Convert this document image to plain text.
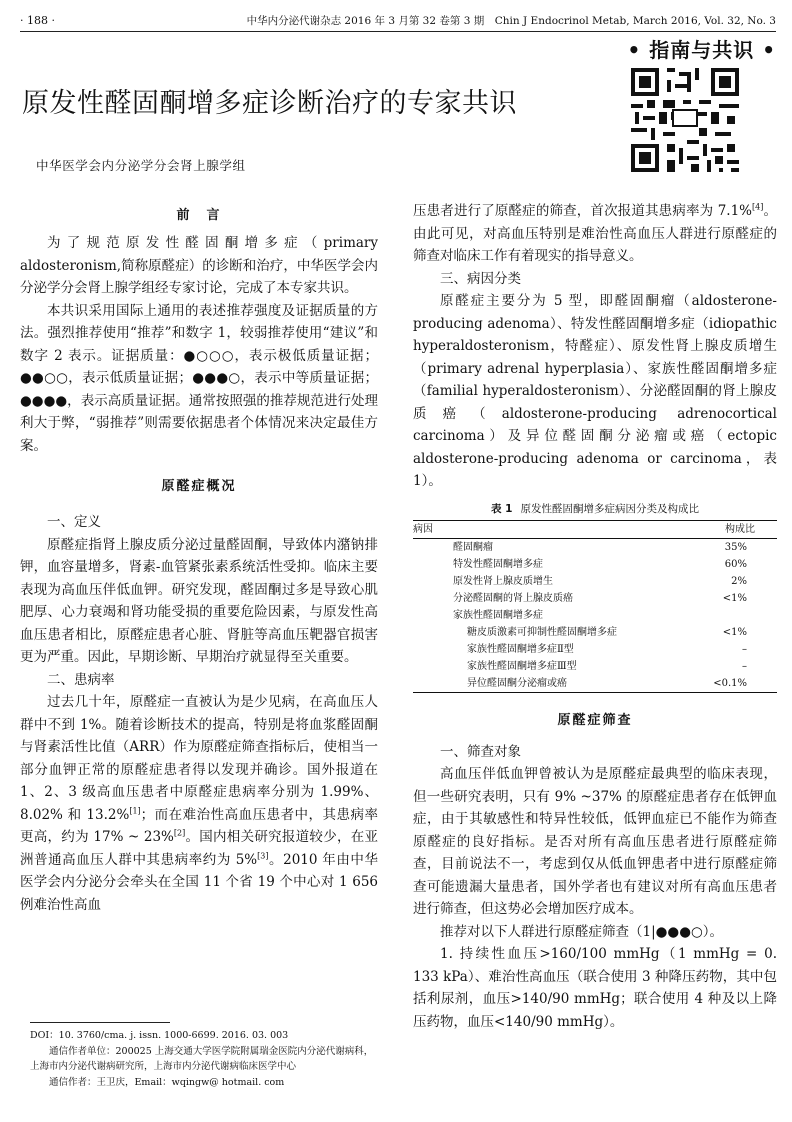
· 188 ·	中华内分泌代谢杂志 2016 年 3 月第 32 卷第 3 期　Chin J Endocrinol Metab, March 2016, Vol. 32, No. 3
• 指南与共识 •
原发性醛固酮增多症诊断治疗的专家共识
中华医学会内分泌学分会肾上腺学组
前　言

为了规范原发性醛固酮增多症（primary aldosteronism,简称原醛症）的诊断和治疗，中华医学会内分泌学分会肾上腺学组经专家讨论，完成了本专家共识。

本共识采用国际上通用的表述推荐强度及证据质量的方法。强烈推荐使用“推荐”和数字 1，较弱推荐使用“建议”和数字 2 表示。证据质量：●○○○，表示极低质量证据；●●○○，表示低质量证据；●●●○，表示中等质量证据；●●●●，表示高质量证据。通常按照强的推荐规范进行处理利大于弊，“弱推荐”则需要依据患者个体情况来决定最佳方案。

原醛症概况
一、定义

原醛症指肾上腺皮质分泌过量醛固酮，导致体内潴钠排钾，血容量增多，肾素-血管紧张素系统活性受抑。临床主要表现为高血压伴低血钾。研究发现，醛固酮过多是导致心肌肥厚、心力衰竭和肾功能受损的重要危险因素，与原发性高血压患者相比，原醛症患者心脏、肾脏等高血压靶器官损害更为严重。因此，早期诊断、早期治疗就显得至关重要。

二、患病率

过去几十年，原醛症一直被认为是少见病，在高血压人群中不到 1%。随着诊断技术的提高，特别是将血浆醛固酮与肾素活性比值（ARR）作为原醛症筛查指标后，使相当一部分血钾正常的原醛症患者得以发现并确诊。国外报道在 1、2、3 级高血压患者中原醛症患病率分别为 1.99%、8.02% 和 13.2%[1]；而在难治性高血压患者中，其患病率更高，约为 17% ~ 23%[2]。国内相关研究报道较少，在亚洲普通高血压人群中其患病率约为 5%[3]。2010 年由中华医学会内分泌分会牵头在全国 11 个省 19 个中心对 1 656 例难治性高血

压患者进行了原醛症的筛查，首次报道其患病率为 7.1%[4]。由此可见，对高血压特别是难治性高血压人群进行原醛症的筛查对临床工作有着现实的指导意义。

三、病因分类

原醛症主要分为 5 型，即醛固酮瘤（aldosterone-producing adenoma）、特发性醛固酮增多症（idiopathic hyperaldosteronism，特醛症）、原发性肾上腺皮质增生（primary adrenal hyperplasia）、家族性醛固酮增多症（familial hyperaldosteronism）、分泌醛固酮的肾上腺皮质癌（aldosterone-producing adrenocortical carcinoma）及异位醛固酮分泌瘤或癌（ectopic aldosterone-producing adenoma or carcinoma，表 1）。

表 1 原发性醛固酮增多症病因分类及构成比
病因	构成比
醛固酮瘤	35%
特发性醛固酮增多症	60%
原发性肾上腺皮质增生	2%
分泌醛固酮的肾上腺皮质癌	<1%
家族性醛固酮增多症	
糖皮质激素可抑制性醛固酮增多症	<1%
家族性醛固酮增多症Ⅱ型	–
家族性醛固酮增多症Ⅲ型	–
异位醛固酮分泌瘤或癌	<0.1%
原醛症筛查
一、筛查对象

高血压伴低血钾曾被认为是原醛症最典型的临床表现，但一些研究表明，只有 9% ~37% 的原醛症患者存在低钾血症，由于其敏感性和特异性较低，低钾血症已不能作为筛查原醛症的良好指标。是否对所有高血压患者进行原醛症筛查，目前说法不一，考虑到仅从低血钾患者中进行原醛症筛查可能遗漏大量患者，国外学者也有建议对所有高血压患者进行筛查，但这势必会增加医疗成本。

推荐对以下人群进行原醛症筛查（1|●●●○）。

1. 持续性血压>160/100 mmHg（1 mmHg = 0. 133 kPa）、难治性高血压（联合使用 3 种降压药物，其中包括利尿剂，血压>140/90 mmHg；联合使用 4 种及以上降压药物，血压<140/90 mmHg）。

DOI：10. 3760/cma. j. issn. 1000-6699. 2016. 03. 003
通信作者单位：200025 上海交通大学医学院附属瑞金医院内分泌代谢病科，上海市内分泌代谢病研究所，上海市内分泌代谢病临床医学中心
通信作者：王卫庆，Email：wqingw@ hotmail. com
